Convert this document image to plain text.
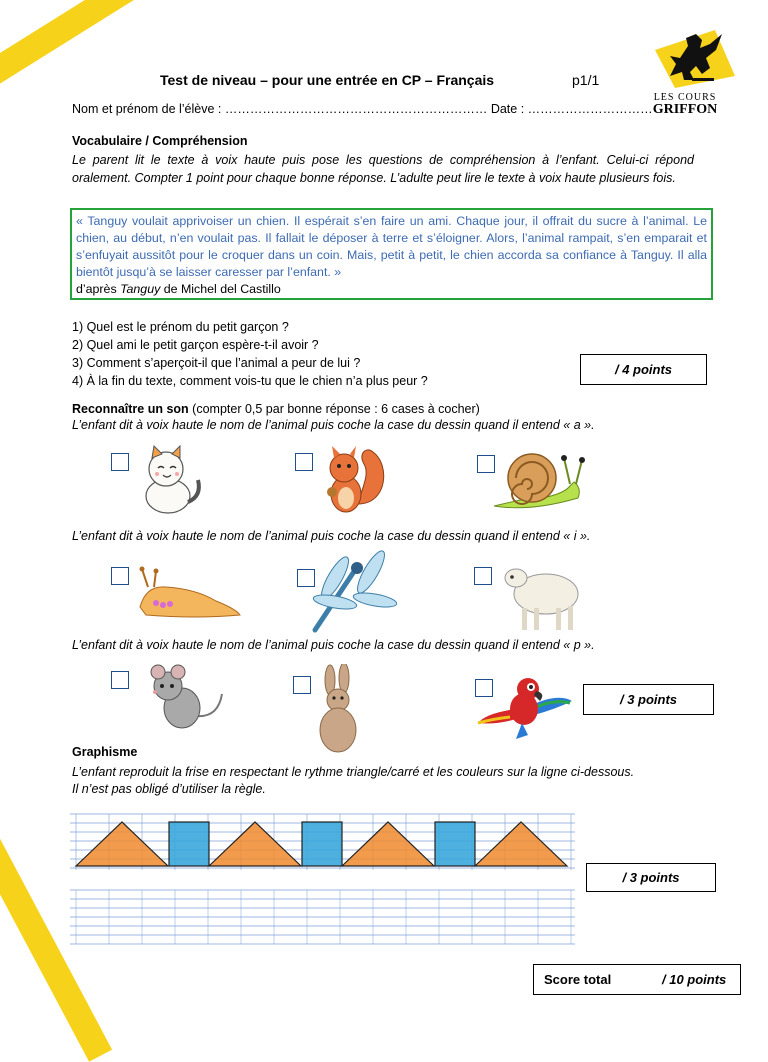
Test de niveau – pour une entrée en CP – Français	p1/1
Nom et prénom de l’élève : ……………………………………………………… Date : …………………………
LES COURS
GRIFFON
Vocabulaire / Compréhension
Le parent lit le texte à voix haute puis pose les questions de compréhension à l’enfant. Celui-ci répond oralement. Compter 1 point pour chaque bonne réponse. L’adulte peut lire le texte à voix haute plusieurs fois.
« Tanguy voulait apprivoiser un chien. Il espérait s’en faire un ami. Chaque jour, il offrait du sucre à l’animal. Le chien, au début, n’en voulait pas. Il fallait le déposer à terre et s’éloigner. Alors, l’animal rampait, s’en emparait et s’enfuyait aussitôt pour le croquer dans un coin. Mais, petit à petit, le chien accorda sa confiance à Tanguy. Il alla bientôt jusqu’à se laisser caresser par l’enfant. »
d’après Tanguy de Michel del Castillo
1) Quel est le prénom du petit garçon ?
2) Quel ami le petit garçon espère-t-il avoir ?
3) Comment s’aperçoit-il que l’animal a peur de lui ?
4) À la fin du texte, comment vois-tu que le chien n’a plus peur ?
/ 4 points
Reconnaître un son (compter 0,5 par bonne réponse : 6 cases à cocher)
L’enfant dit à voix haute le nom de l’animal puis coche la case du dessin quand il entend « a ».
L’enfant dit à voix haute le nom de l’animal puis coche la case du dessin quand il entend « i ».
L’enfant dit à voix haute le nom de l’animal puis coche la case du dessin quand il entend « p ».
/ 3 points
Graphisme
L’enfant reproduit la frise en respectant le rythme triangle/carré et les couleurs sur la ligne ci-dessous.
Il n’est pas obligé d’utiliser la règle.
/ 3 points
Score total	/ 10 points
